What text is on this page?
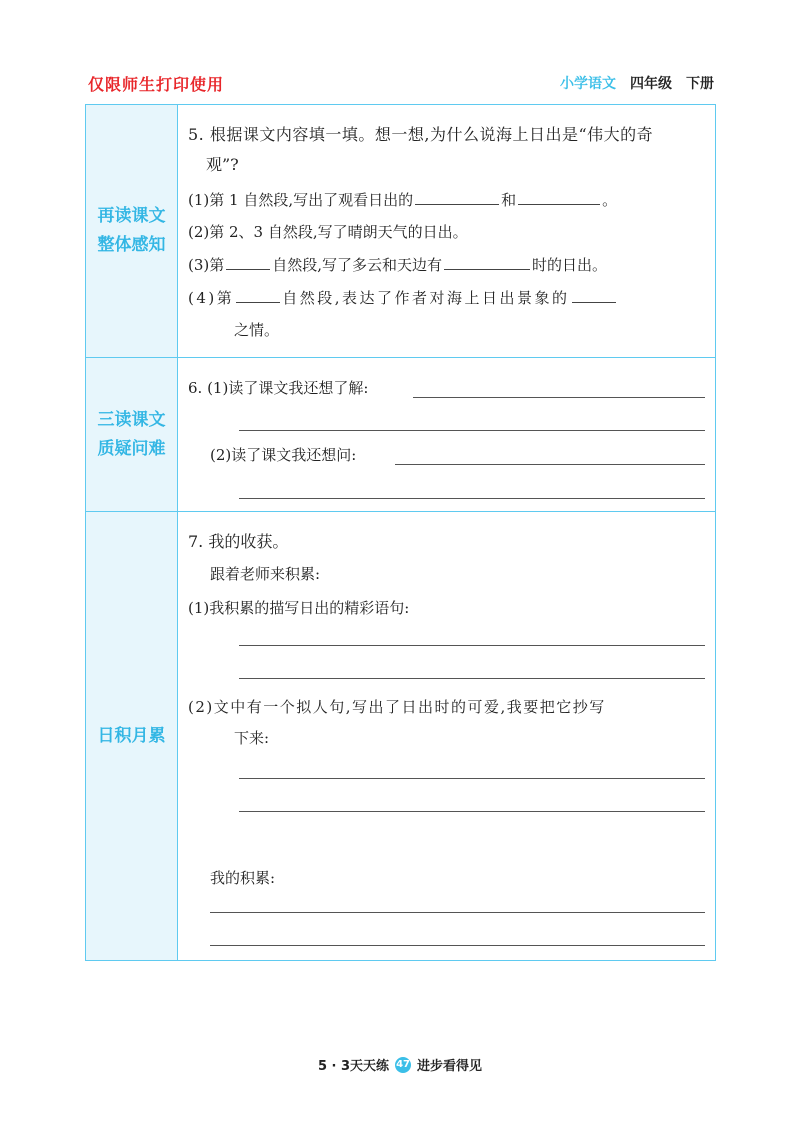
仅限师生打印使用	小学语文 四年级 下册
再读课文
整体感知
5. 根据课文内容填一填。想一想,为什么说海上日出是“伟大的奇
观”?
(1)第 1 自然段,写出了观看日出的	和	。
(2)第 2、3 自然段,写了晴朗天气的日出。
(3)第	自然段,写了多云和天边有	时的日出。
(4)第	自然段,表达了作者对海上日出景象的
之情。
三读课文
质疑问难
6. (1)读了课文我还想了解:
(2)读了课文我还想问:
日积月累
7. 我的收获。
跟着老师来积累:
(1)我积累的描写日出的精彩语句:
(2)文中有一个拟人句,写出了日出时的可爱,我要把它抄写
下来:
我的积累:
5 · 3天天练 47 进步看得见
